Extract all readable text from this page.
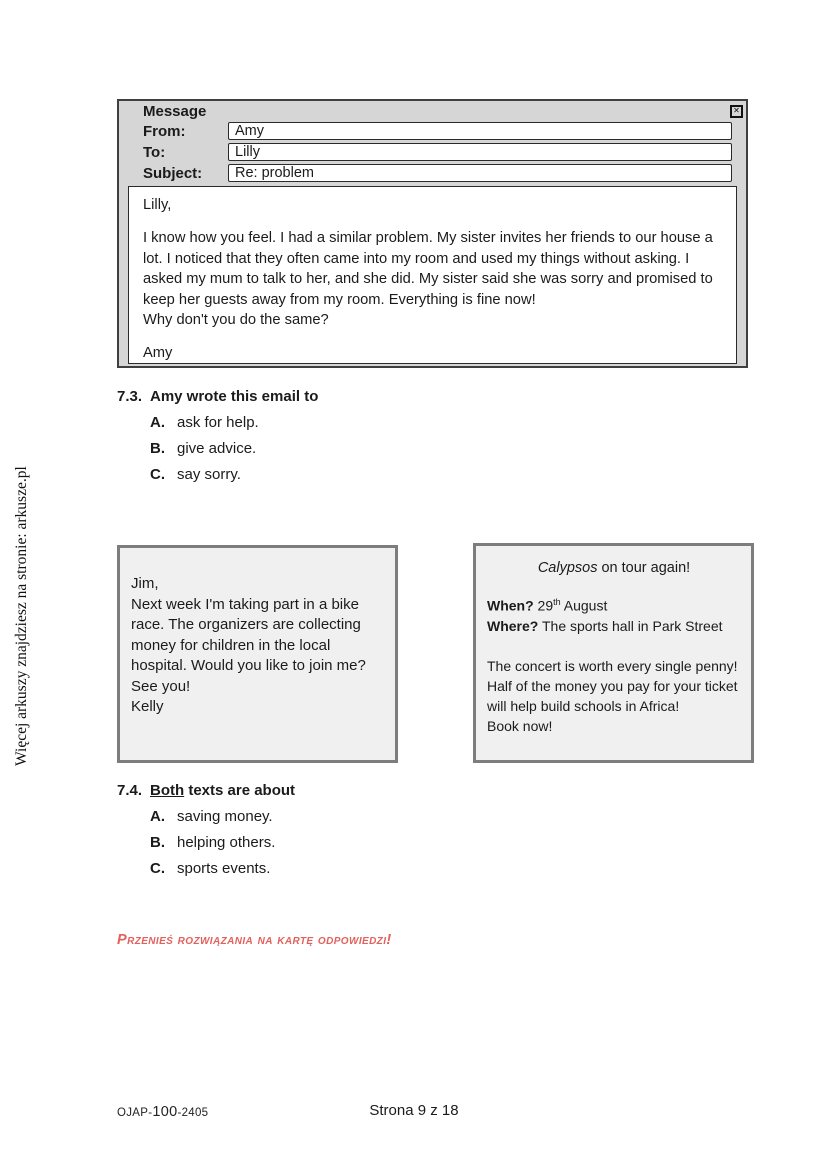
Więcej arkuszy znajdziesz na stronie: arkusze.pl
Message	✕
From:	Amy
To:	Lilly
Subject:	Re: problem
Lilly,
I know how you feel. I had a similar problem. My sister invites her friends to our house a lot. I noticed that they often came into my room and used my things without asking. I asked my mum to talk to her, and she did. My sister said she was sorry and promised to keep her guests away from my room. Everything is fine now!
Why don't you do the same?
Amy
7.3. Amy wrote this email to
A. ask for help.
B. give advice.
C. say sorry.
Jim,
Next week I'm taking part in a bike race. The organizers are collecting money for children in the local hospital. Would you like to join me?
See you!
Kelly
Calypsos on tour again!
When? 29th August
Where? The sports hall in Park Street
The concert is worth every single penny!
Half of the money you pay for your ticket will help build schools in Africa!
Book now!
7.4. Both texts are about
A. saving money.
B. helping others.
C. sports events.
Przenieś rozwiązania na kartę odpowiedzi!
OJAP-100-2405	Strona 9 z 18
